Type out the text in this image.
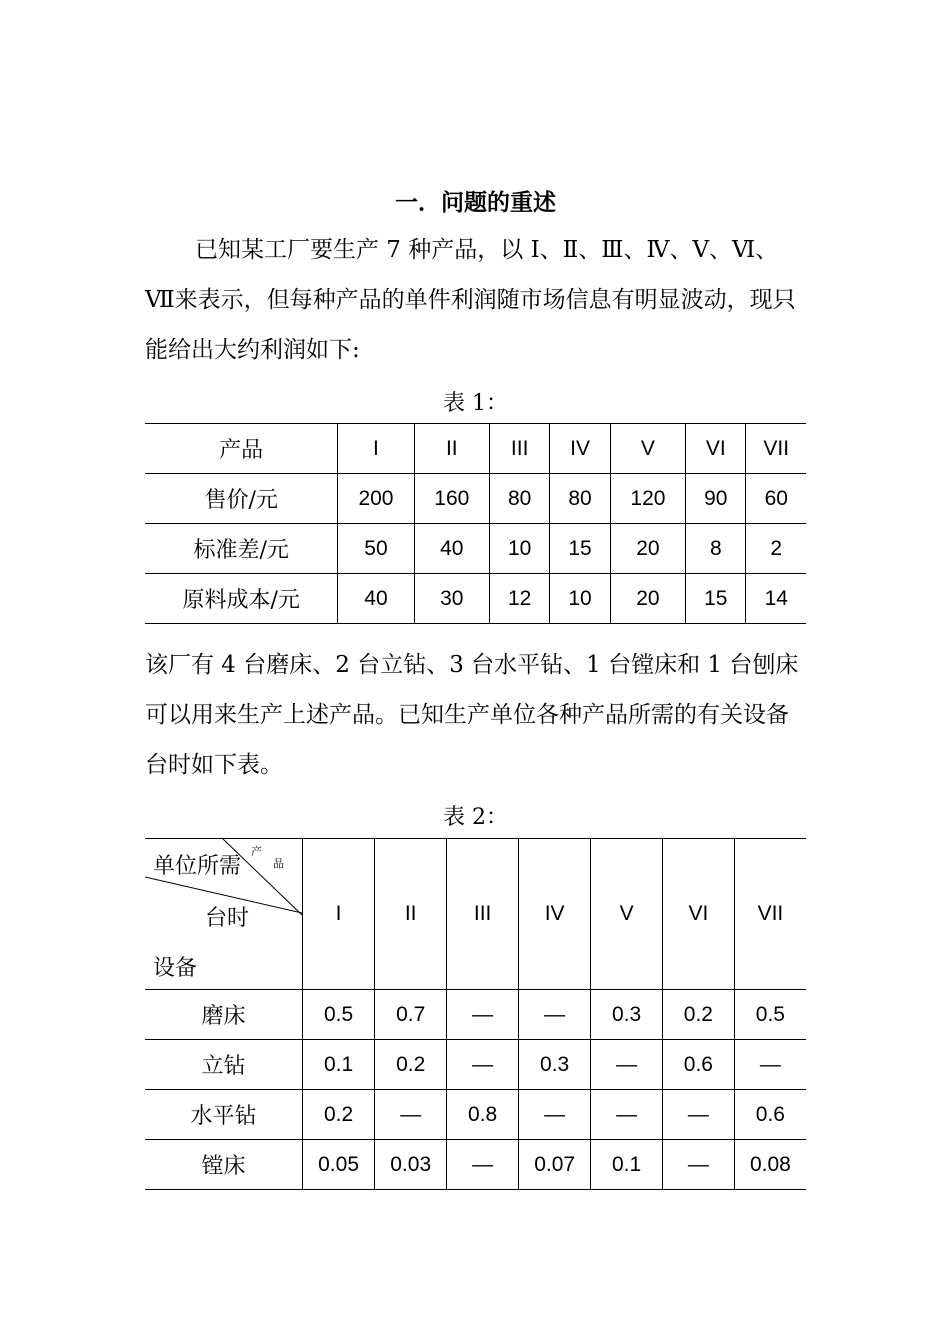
一．问题的重述

已知某工厂要生产 7 种产品，以 Ⅰ、Ⅱ、Ⅲ、Ⅳ、Ⅴ、Ⅵ、Ⅶ来表示，但每种产品的单件利润随市场信息有明显波动，现只能给出大约利润如下:

表 1：
产品	I	II	III	IV	V	VI	VII
售价/元	200	160	80	80	120	90	60
标准差/元	50	40	10	15	20	8	2
原料成本/元	40	30	12	10	20	15	14

该厂有 4 台磨床、2 台立钻、3 台水平钻、1 台镗床和 1 台刨床可以用来生产上述产品。已知生产单位各种产品所需的有关设备台时如下表。

表 2：
单位所需
产
品
台时
设备	I	II	III	IV	V	VI	VII
磨床	0.5	0.7	—	—	0.3	0.2	0.5
立钻	0.1	0.2	—	0.3	—	0.6	—
水平钻	0.2	—	0.8	—	—	—	0.6
镗床	0.05	0.03	—	0.07	0.1	—	0.08
